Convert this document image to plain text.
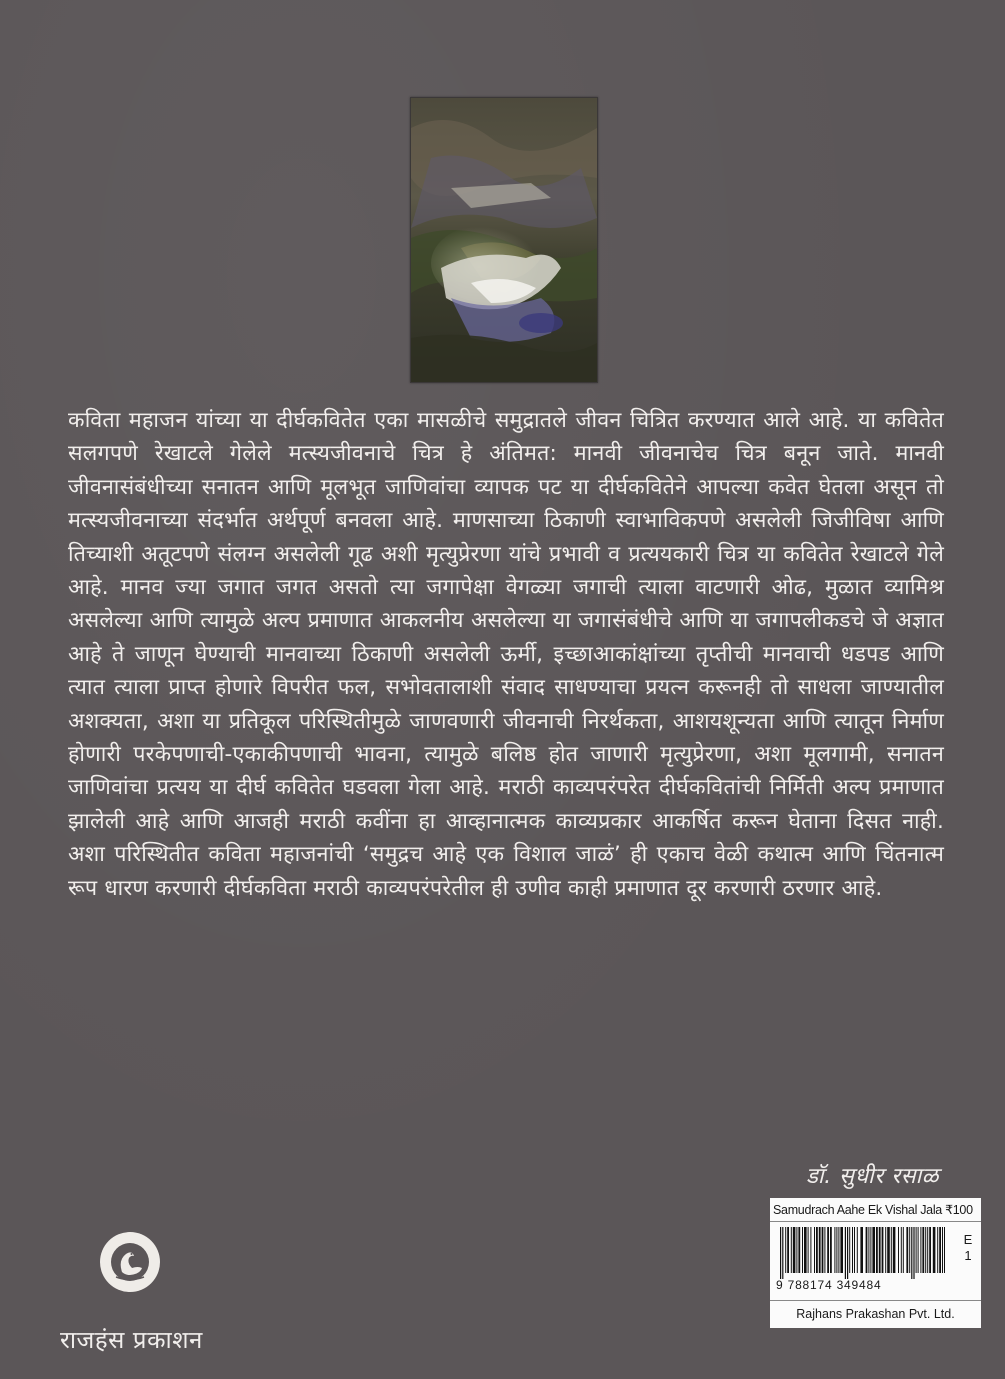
कविता महाजन यांच्या या दीर्घकवितेत एका मासळीचे समुद्रातले जीवन चित्रित करण्यात आले आहे. या कवितेत सलगपणे रेखाटले गेलेले मत्स्यजीवनाचे चित्र हे अंतिमत: मानवी जीवनाचेच चित्र बनून जाते. मानवी जीवनासंबंधीच्या सनातन आणि मूलभूत जाणिवांचा व्यापक पट या दीर्घकवितेने आपल्या कवेत घेतला असून तो मत्स्यजीवनाच्या संदर्भात अर्थपूर्ण बनवला आहे. माणसाच्या ठिकाणी स्वाभाविकपणे असलेली जिजीविषा आणि तिच्याशी अतूटपणे संलग्न असलेली गूढ अशी मृत्युप्रेरणा यांचे प्रभावी व प्रत्ययकारी चित्र या कवितेत रेखाटले गेले आहे. मानव ज्या जगात जगत असतो त्या जगापेक्षा वेगळ्या जगाची त्याला वाटणारी ओढ, मुळात व्यामिश्र असलेल्या आणि त्यामुळे अल्प प्रमाणात आकलनीय असलेल्या या जगासंबंधीचे आणि या जगापलीकडचे जे अज्ञात आहे ते जाणून घेण्याची मानवाच्या ठिकाणी असलेली ऊर्मी, इच्छाआकांक्षांच्या तृप्तीची मानवाची धडपड आणि त्यात त्याला प्राप्त होणारे विपरीत फल, सभोवतालाशी संवाद साधण्याचा प्रयत्न करूनही तो साधला जाण्यातील अशक्यता, अशा या प्रतिकूल परिस्थितीमुळे जाणवणारी जीवनाची निरर्थकता, आशयशून्यता आणि त्यातून निर्माण होणारी परकेपणाची-एकाकीपणाची भावना, त्यामुळे बलिष्ठ होत जाणारी मृत्युप्रेरणा, अशा मूलगामी, सनातन जाणिवांचा प्रत्यय या दीर्घ कवितेत घडवला गेला आहे. मराठी काव्यपरंपरेत दीर्घकवितांची निर्मिती अल्प प्रमाणात झालेली आहे आणि आजही मराठी कवींना हा आव्हानात्मक काव्यप्रकार आकर्षित करून घेताना दिसत नाही. अशा परिस्थितीत कविता महाजनांची ‘समुद्रच आहे एक विशाल जाळं’ ही एकाच वेळी कथात्म आणि चिंतनात्म रूप धारण करणारी दीर्घकविता मराठी काव्यपरंपरेतील ही उणीव काही प्रमाणात दूर करणारी ठरणार आहे.

डॉ. सुधीर रसाळ
राजहंस प्रकाशन
Samudrach Aahe Ek Vishal Jala ₹100
9 788174 349484
E 1
Rajhans Prakashan Pvt. Ltd.
